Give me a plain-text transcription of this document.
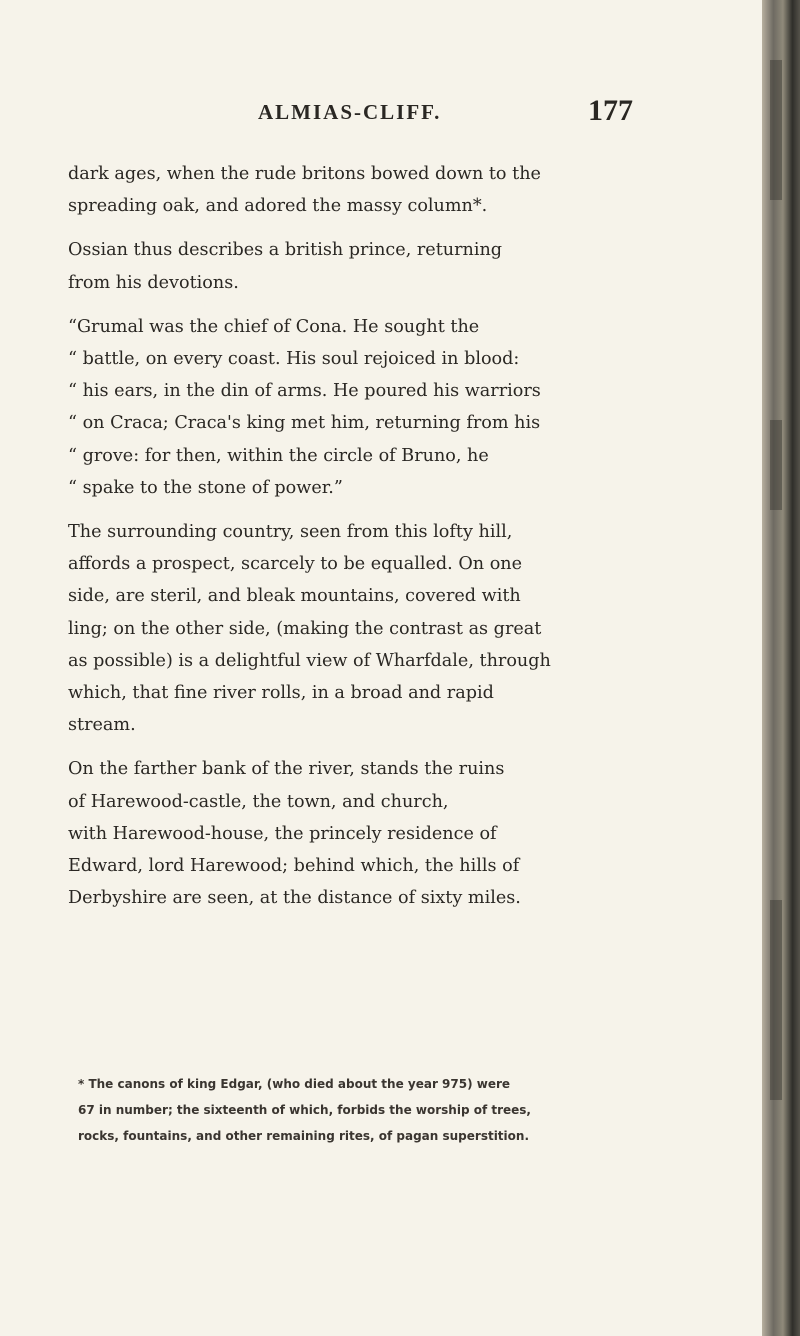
ALMIAS-CLIFF.	177

dark ages, when the rude britons bowed down to the
spreading oak, and adored the massy column*.

Ossian thus describes a british prince, returning
from his devotions.

“Grumal was the chief of Cona. He sought the
“ battle, on every coast. His soul rejoiced in blood:
“ his ears, in the din of arms. He poured his warriors
“ on Craca; Craca's king met him, returning from his
“ grove: for then, within the circle of Bruno, he
“ spake to the stone of power.”

The surrounding country, seen from this lofty hill,
affords a prospect, scarcely to be equalled. On one
side, are steril, and bleak mountains, covered with
ling; on the other side, (making the contrast as great
as possible) is a delightful view of Wharfdale, through
which, that fine river rolls, in a broad and rapid
stream.

On the farther bank of the river, stands the ruins
of Harewood-castle, the town, and church,
with Harewood-house, the princely residence of
Edward, lord Harewood; behind which, the hills of
Derbyshire are seen, at the distance of sixty miles.

* The canons of king Edgar, (who died about the year 975) were
67 in number; the sixteenth of which, forbids the worship of trees,
rocks, fountains, and other remaining rites, of pagan superstition.
